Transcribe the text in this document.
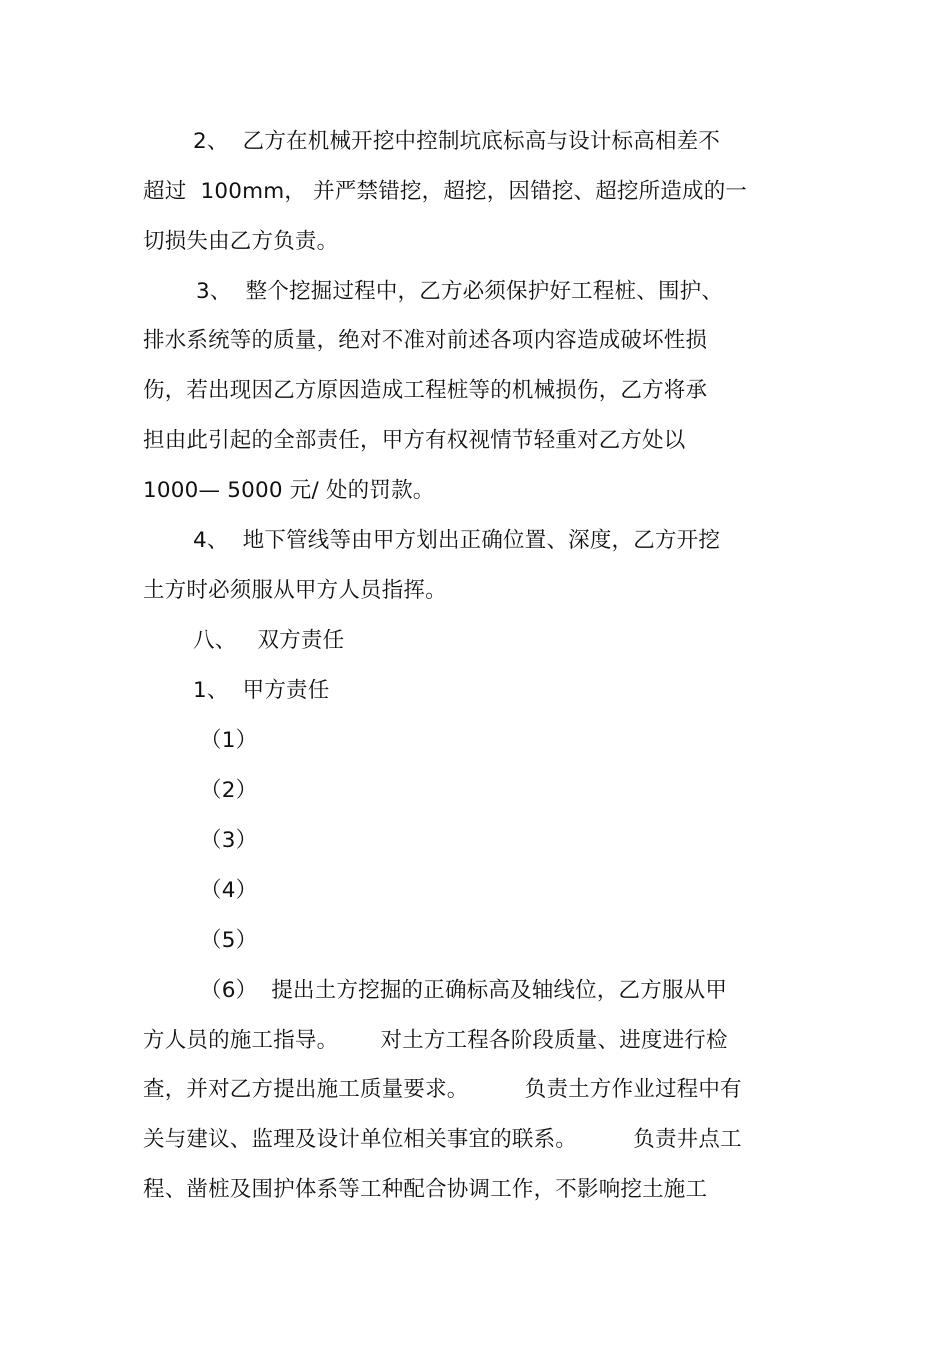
2、  乙方在机械开挖中控制坑底标高与设计标高相差不
超过  100mm， 并严禁错挖，超挖，因错挖、超挖所造成的一
切损失由乙方负责。
3、  整个挖掘过程中，乙方必须保护好工程桩、围护、
排水系统等的质量，绝对不准对前述各项内容造成破坏性损
伤，若出现因乙方原因造成工程桩等的机械损伤，乙方将承
担由此引起的全部责任，甲方有权视情节轻重对乙方处以
1000— 5000 元/ 处的罚款。
4、  地下管线等由甲方划出正确位置、深度，乙方开挖
土方时必须服从甲方人员指挥。
八、   双方责任
1、  甲方责任
（1）
（2）
（3）
（4）
（5）
（6）  提出土方挖掘的正确标高及轴线位，乙方服从甲
方人员的施工指导。      对土方工程各阶段质量、进度进行检
查，并对乙方提出施工质量要求。        负责土方作业过程中有
关与建议、监理及设计单位相关事宜的联系。        负责井点工
程、凿桩及围护体系等工种配合协调工作，不影响挖土施工
